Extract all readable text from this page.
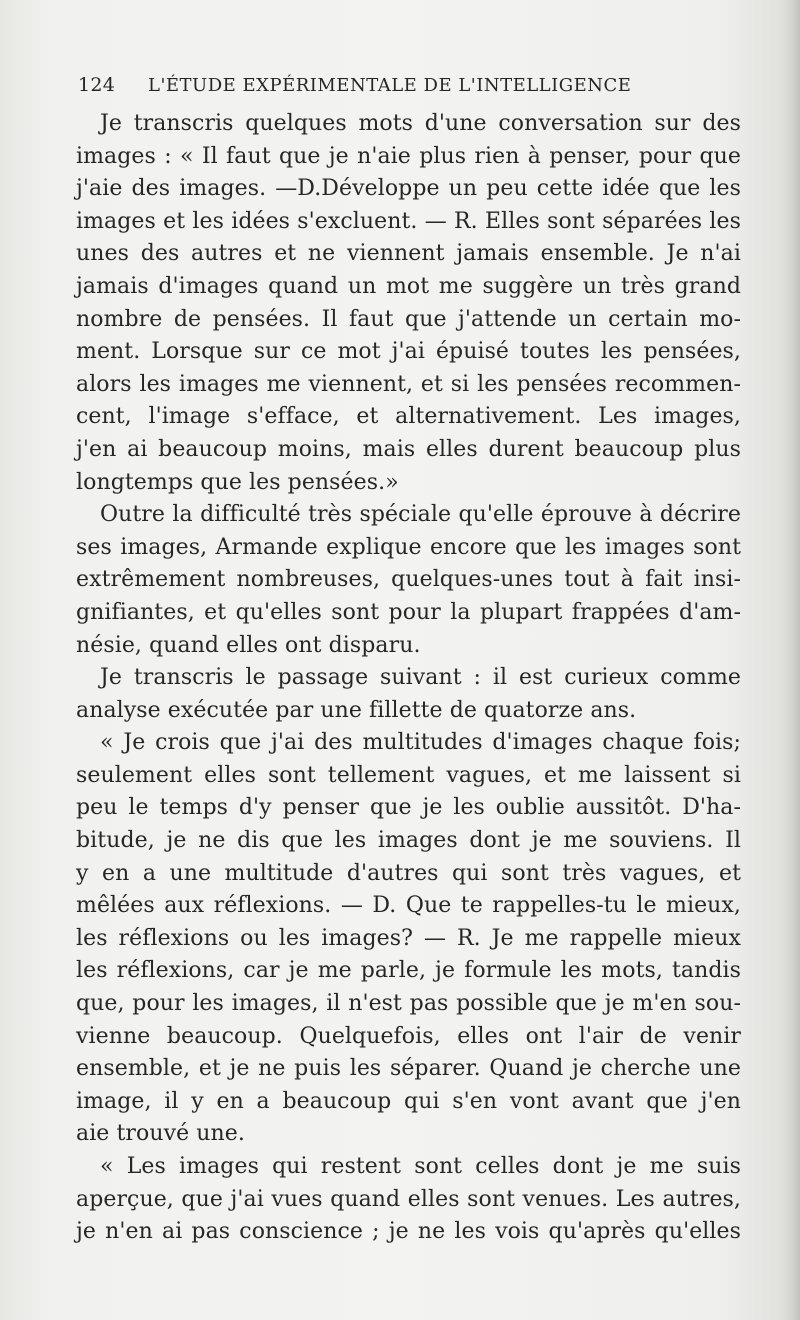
124	L'ÉTUDE EXPÉRIMENTALE DE L'INTELLIGENCE
Je transcris quelques mots d'une conversation sur des
images : « Il faut que je n'aie plus rien à penser, pour que
j'aie des images. —D.Développe un peu cette idée que les
images et les idées s'excluent. — R. Elles sont séparées les
unes des autres et ne viennent jamais ensemble. Je n'ai
jamais d'images quand un mot me suggère un très grand
nombre de pensées. Il faut que j'attende un certain mo-
ment. Lorsque sur ce mot j'ai épuisé toutes les pensées,
alors les images me viennent, et si les pensées recommen-
cent, l'image s'efface, et alternativement. Les images,
j'en ai beaucoup moins, mais elles durent beaucoup plus
longtemps que les pensées.»
Outre la difficulté très spéciale qu'elle éprouve à décrire
ses images, Armande explique encore que les images sont
extrêmement nombreuses, quelques-unes tout à fait insi-
gnifiantes, et qu'elles sont pour la plupart frappées d'am-
nésie, quand elles ont disparu.
Je transcris le passage suivant : il est curieux comme
analyse exécutée par une fillette de quatorze ans.
« Je crois que j'ai des multitudes d'images chaque fois;
seulement elles sont tellement vagues, et me laissent si
peu le temps d'y penser que je les oublie aussitôt. D'ha-
bitude, je ne dis que les images dont je me souviens. Il
y en a une multitude d'autres qui sont très vagues, et
mêlées aux réflexions. — D. Que te rappelles-tu le mieux,
les réflexions ou les images? — R. Je me rappelle mieux
les réflexions, car je me parle, je formule les mots, tandis
que, pour les images, il n'est pas possible que je m'en sou-
vienne beaucoup. Quelquefois, elles ont l'air de venir
ensemble, et je ne puis les séparer. Quand je cherche une
image, il y en a beaucoup qui s'en vont avant que j'en
aie trouvé une.
« Les images qui restent sont celles dont je me suis
aperçue, que j'ai vues quand elles sont venues. Les autres,
je n'en ai pas conscience ; je ne les vois qu'après qu'elles
